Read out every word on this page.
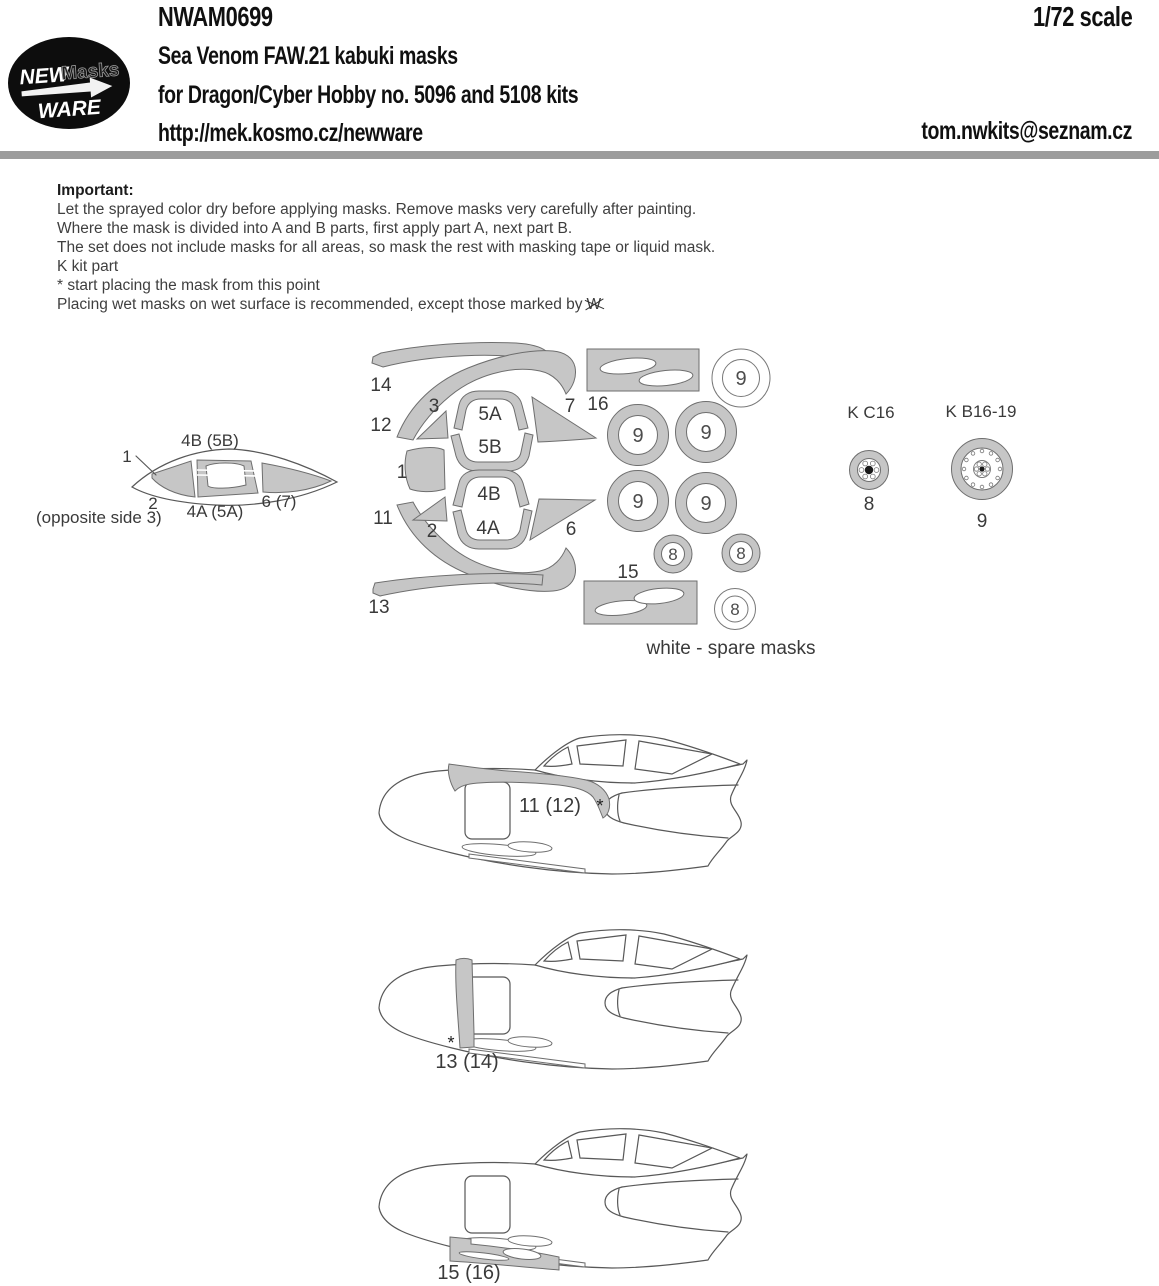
NEW
Masks
WARE
NWAM0699	1/72 scale
Sea Venom FAW.21 kabuki masks
for Dragon/Cyber Hobby no. 5096 and 5108 kits
http://mek.kosmo.cz/newware	tom.nwkits@seznam.cz
Important:
Let the sprayed color dry before applying masks. Remove masks very carefully after painting.
Where the mask is divided into A and B parts, first apply part A, next part B.
The set does not include masks for all areas, so mask the rest with masking tape or liquid mask.
K kit part
* start placing the mask from this point
Placing wet masks on wet surface is recommended, except those marked by W
4B (5B)
1
2 4A (5A)
6 (7)
(opposite side 3)
9
9	9
9	9
8	8
8
14
12
3 5A
5B
7 16
1
4B
11
2 4A	6
15
13
K C16
8
K B16-19
9
white - spare masks
*
11 (12)
*
13 (14)
15 (16)
